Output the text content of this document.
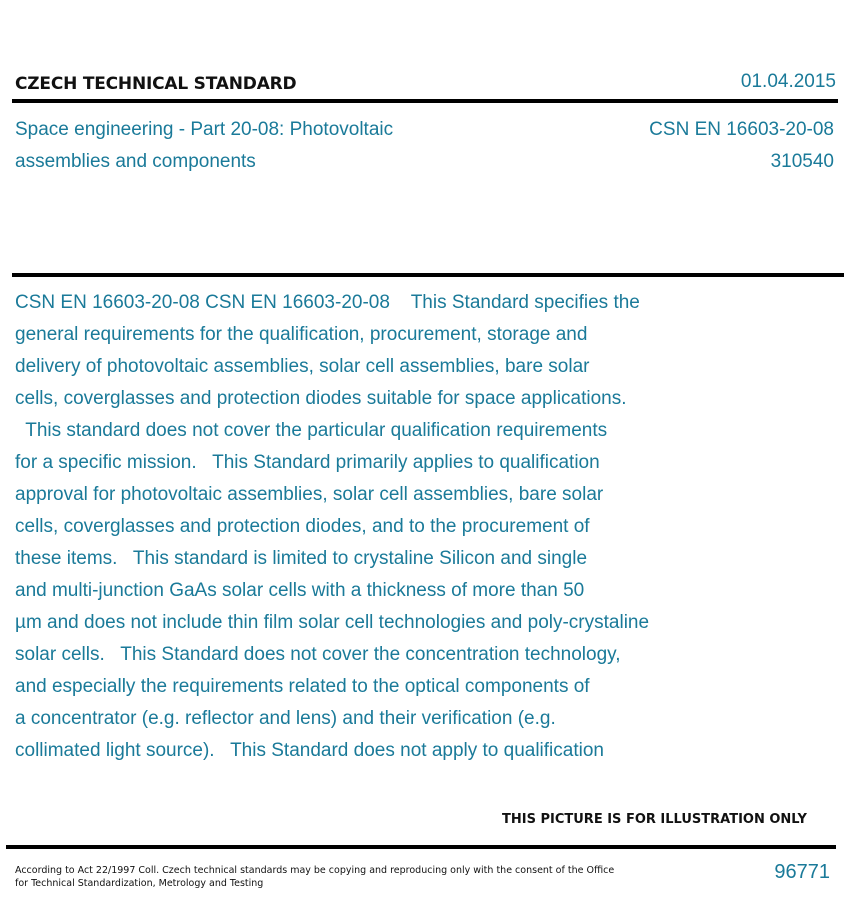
CZECH TECHNICAL STANDARD	01.04.2015
Space engineering - Part 20-08: Photovoltaic
assemblies and components
CSN EN 16603-20-08
310540
CSN EN 16603-20-08 CSN EN 16603-20-08    This Standard specifies the
general requirements for the qualification, procurement, storage and
delivery of photovoltaic assemblies, solar cell assemblies, bare solar
cells, coverglasses and protection diodes suitable for space applications.
This standard does not cover the particular qualification requirements
for a specific mission.   This Standard primarily applies to qualification
approval for photovoltaic assemblies, solar cell assemblies, bare solar
cells, coverglasses and protection diodes, and to the procurement of
these items.   This standard is limited to crystaline Silicon and single
and multi-junction GaAs solar cells with a thickness of more than 50
µm and does not include thin film solar cell technologies and poly-crystaline
solar cells.   This Standard does not cover the concentration technology,
and especially the requirements related to the optical components of
a concentrator (e.g. reflector and lens) and their verification (e.g.
collimated light source).   This Standard does not apply to qualification
THIS PICTURE IS FOR ILLUSTRATION ONLY
According to Act 22/1997 Coll. Czech technical standards may be copying and reproducing only with the consent of the Office
for Technical Standardization, Metrology and Testing
96771
